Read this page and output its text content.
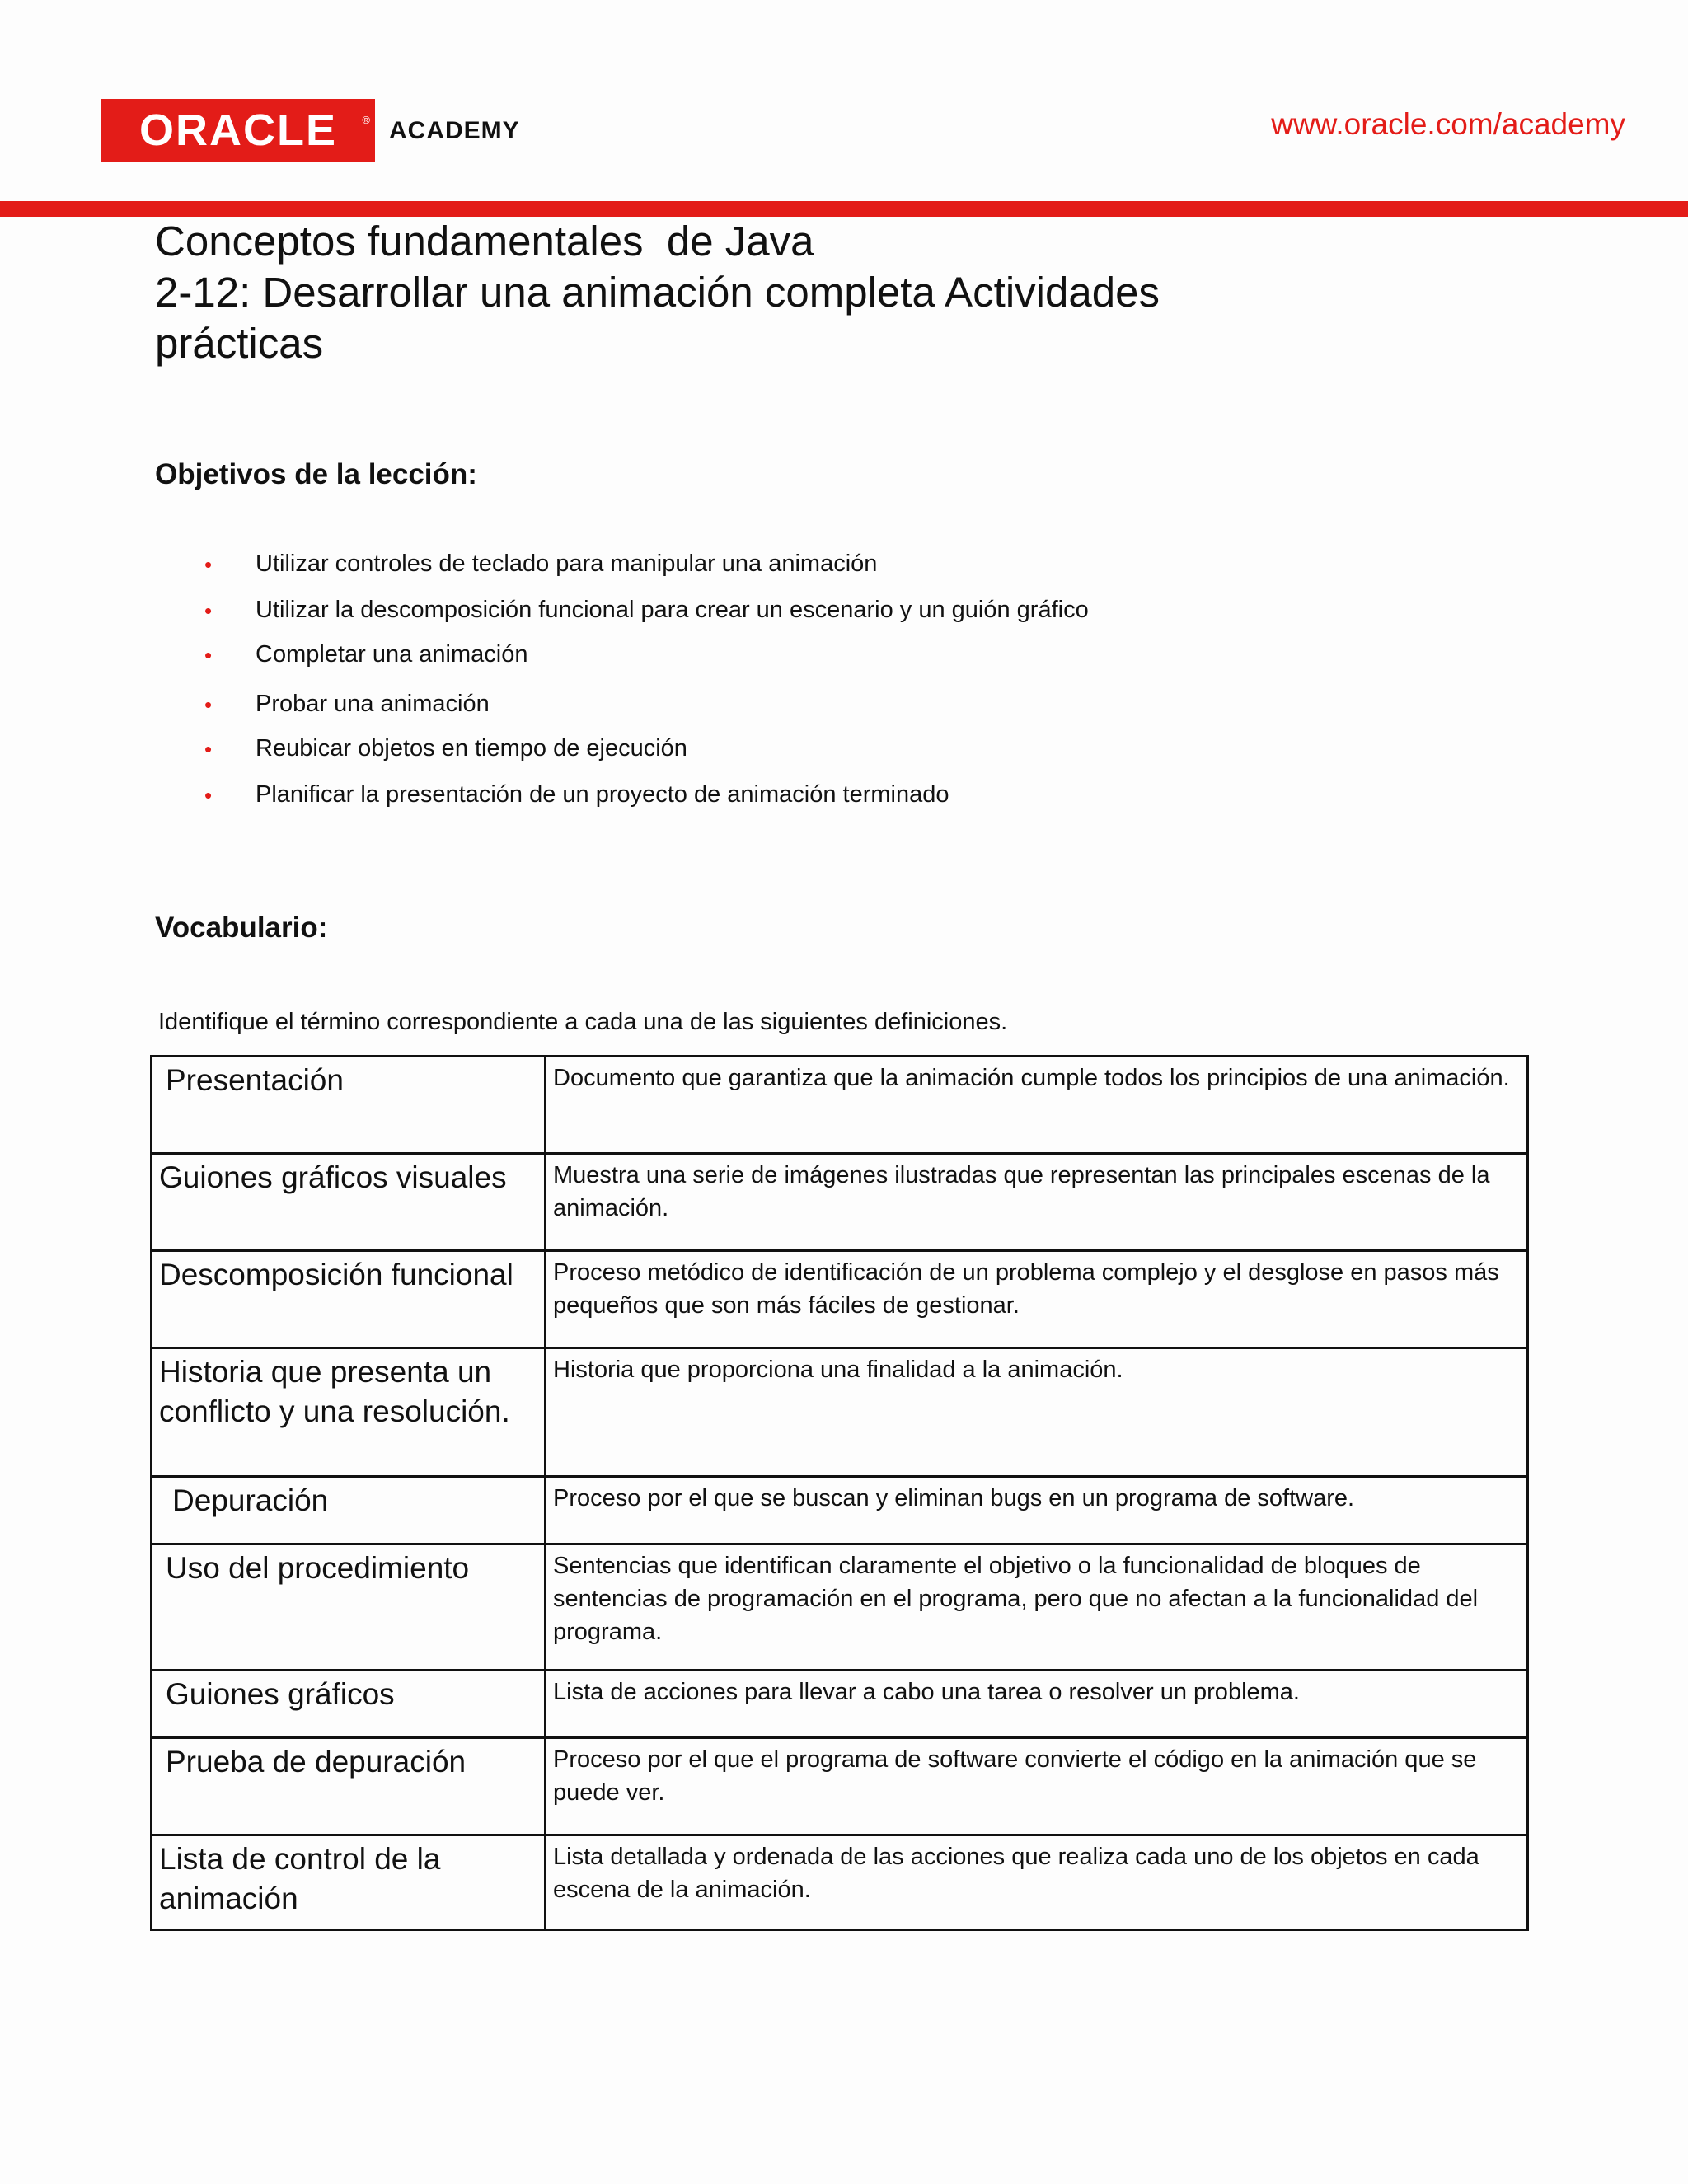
ORACLE ® ACADEMY	www.oracle.com/academy
Conceptos fundamentales  de Java
2-12: Desarrollar una animación completa Actividades
prácticas
Objetivos de la lección:
• Utilizar controles de teclado para manipular una animación
• Utilizar la descomposición funcional para crear un escenario y un guión gráfico
• Completar una animación
• Probar una animación
• Reubicar objetos en tiempo de ejecución
• Planificar la presentación de un proyecto de animación terminado
Vocabulario:

Identifique el término correspondiente a cada una de las siguientes definiciones.

Presentación	Documento que garantiza que la animación cumple todos los principios de una animación.
Guiones gráficos visuales	Muestra una serie de imágenes ilustradas que representan las principales escenas de la animación.
Descomposición funcional	Proceso metódico de identificación de un problema complejo y el desglose en pasos más pequeños que son más fáciles de gestionar.
Historia que presenta un conflicto y una resolución.	Historia que proporciona una finalidad a la animación.
Depuración	Proceso por el que se buscan y eliminan bugs en un programa de software.
Uso del procedimiento	Sentencias que identifican claramente el objetivo o la funcionalidad de bloques de sentencias de programación en el programa, pero que no afectan a la funcionalidad del programa.
Guiones gráficos	Lista de acciones para llevar a cabo una tarea o resolver un problema.
Prueba de depuración	Proceso por el que el programa de software convierte el código en la animación que se puede ver.
Lista de control de la animación	Lista detallada y ordenada de las acciones que realiza cada uno de los objetos en cada escena de la animación.
